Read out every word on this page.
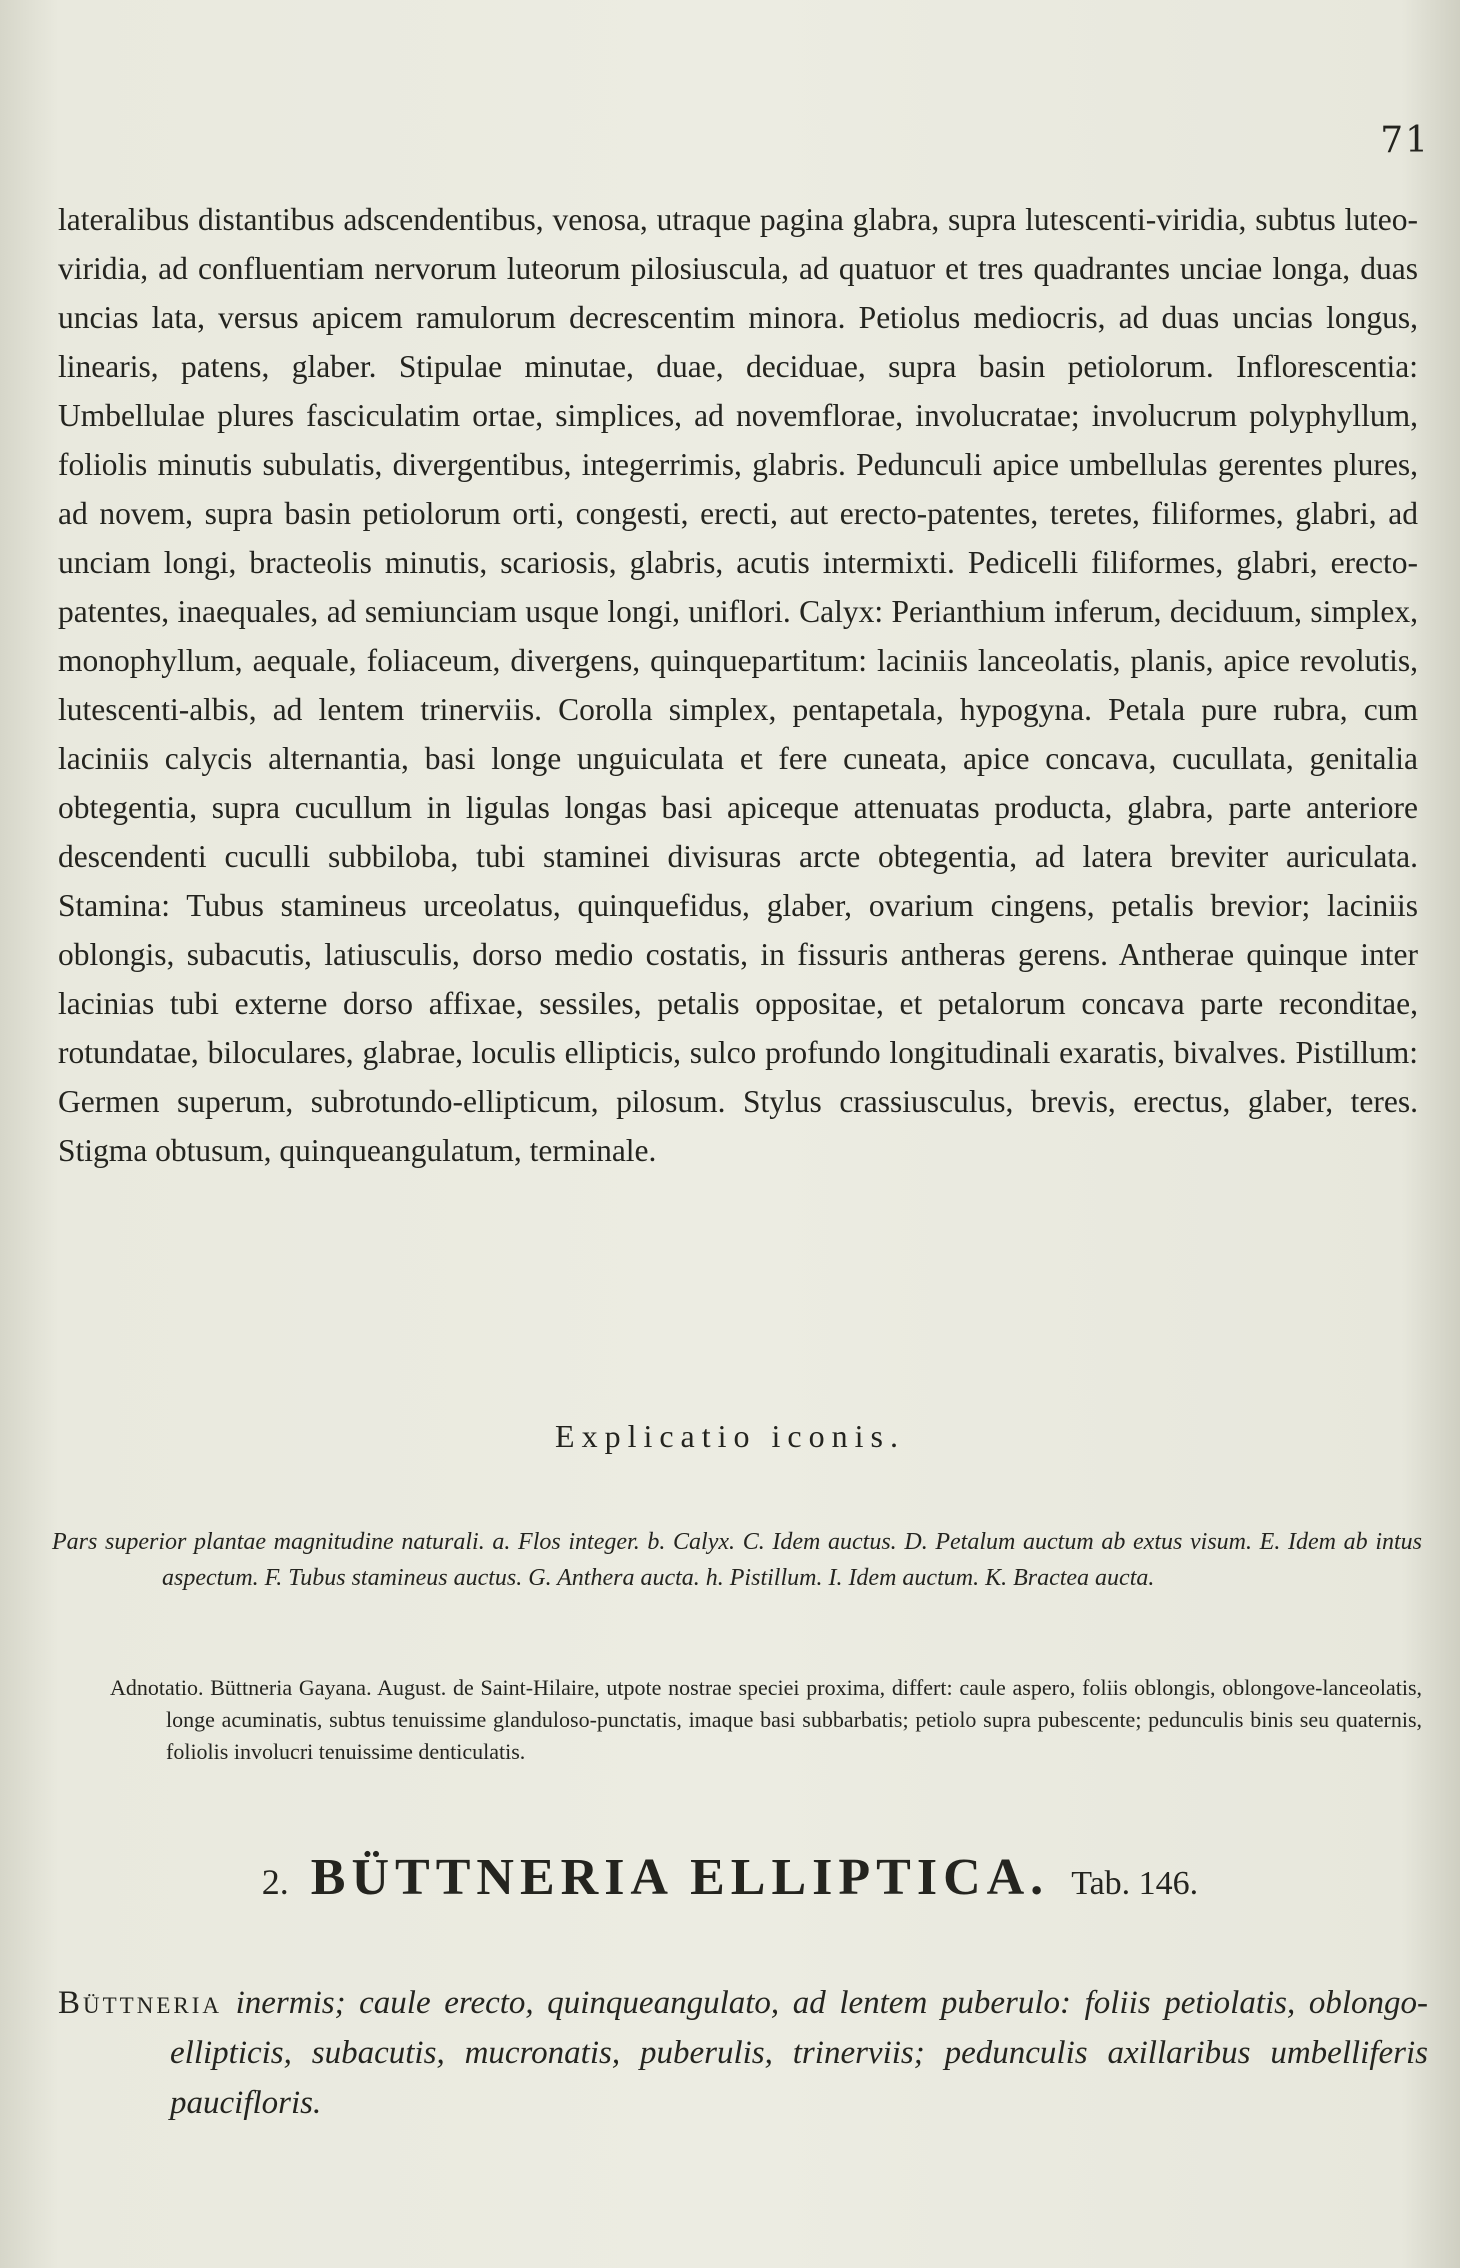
71

lateralibus distantibus adscendentibus, venosa, utraque pagina glabra, supra lutescenti-viridia, subtus luteo-viridia, ad confluentiam nervorum luteorum pilosiuscula, ad quatuor et tres quadrantes unciae longa, duas uncias lata, versus apicem ramulorum decrescentim minora. Petiolus mediocris, ad duas uncias longus, linearis, patens, glaber. Stipulae minutae, duae, deciduae, supra basin petiolorum. Inflorescentia: Umbellulae plures fasciculatim ortae, simplices, ad novemflorae, involucratae; involucrum polyphyllum, foliolis minutis subulatis, divergentibus, integerrimis, glabris. Pedunculi apice umbellulas gerentes plures, ad novem, supra basin petiolorum orti, congesti, erecti, aut erecto-patentes, teretes, filiformes, glabri, ad unciam longi, bracteolis minutis, scariosis, glabris, acutis intermixti. Pedicelli filiformes, glabri, erecto-patentes, inaequales, ad semiunciam usque longi, uniflori. Calyx: Perianthium inferum, deciduum, simplex, monophyllum, aequale, foliaceum, divergens, quinquepartitum: laciniis lanceolatis, planis, apice revolutis, lutescenti-albis, ad lentem trinerviis. Corolla simplex, pentapetala, hypogyna. Petala pure rubra, cum laciniis calycis alternantia, basi longe unguiculata et fere cuneata, apice concava, cucullata, genitalia obtegentia, supra cucullum in ligulas longas basi apiceque attenuatas producta, glabra, parte anteriore descendenti cuculli subbiloba, tubi staminei divisuras arcte obtegentia, ad latera breviter auriculata. Stamina: Tubus stamineus urceolatus, quinquefidus, glaber, ovarium cingens, petalis brevior; laciniis oblongis, subacutis, latiusculis, dorso medio costatis, in fissuris antheras gerens. Antherae quinque inter lacinias tubi externe dorso affixae, sessiles, petalis oppositae, et petalorum concava parte reconditae, rotundatae, biloculares, glabrae, loculis ellipticis, sulco profundo longitudinali exaratis, bivalves. Pistillum: Germen superum, subrotundo-ellipticum, pilosum. Stylus crassiusculus, brevis, erectus, glaber, teres. Stigma obtusum, quinqueangulatum, terminale.

Explicatio iconis.

Pars superior plantae magnitudine naturali. a. Flos integer. b. Calyx. C. Idem auctus. D. Petalum auctum ab extus visum. E. Idem ab intus aspectum. F. Tubus stamineus auctus. G. Anthera aucta. h. Pistillum. I. Idem auctum. K. Bractea aucta.

Adnotatio. Büttneria Gayana. August. de Saint-Hilaire, utpote nostrae speciei proxima, differt: caule aspero, foliis oblongis, oblongove-lanceolatis, longe acuminatis, subtus tenuissime glanduloso-punctatis, imaque basi subbarbatis; petiolo supra pubescente; pedunculis binis seu quaternis, foliolis involucri tenuissime denticulatis.

2. BÜTTNERIA ELLIPTICA. Tab. 146.

Büttneria inermis; caule erecto, quinqueangulato, ad lentem puberulo: foliis petiolatis, oblongo-ellipticis, subacutis, mucronatis, puberulis, trinerviis; pedunculis axillaribus umbelliferis paucifloris.
